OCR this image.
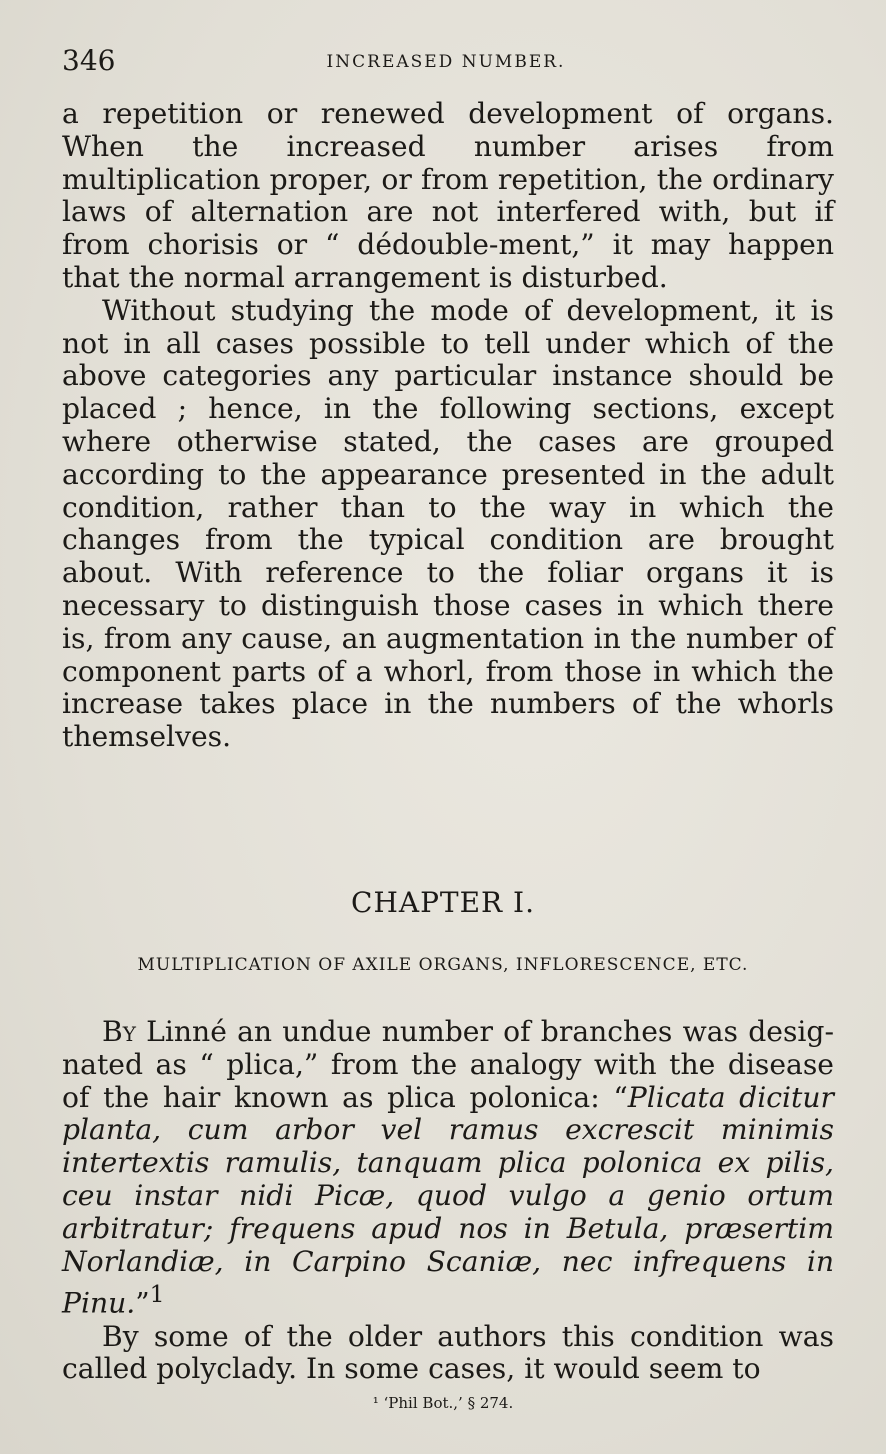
346	INCREASED NUMBER.

a repetition or renewed development of organs. When the increased number arises from multiplication proper, or from repetition, the ordinary laws of alternation are not interfered with, but if from chorisis or “ dédouble-ment,” it may happen that the normal arrangement is disturbed.

Without studying the mode of development, it is not in all cases possible to tell under which of the above categories any particular instance should be placed ; hence, in the following sections, except where otherwise stated, the cases are grouped according to the appearance presented in the adult condition, rather than to the way in which the changes from the typical condition are brought about. With reference to the foliar organs it is necessary to distinguish those cases in which there is, from any cause, an augmentation in the number of component parts of a whorl, from those in which the increase takes place in the numbers of the whorls themselves.

CHAPTER I.
MULTIPLICATION OF AXILE ORGANS, INFLORESCENCE, ETC.

By Linné an undue number of branches was desig-nated as “ plica,” from the analogy with the disease of the hair known as plica polonica: “Plicata dicitur planta, cum arbor vel ramus excrescit minimis intertextis ramulis, tanquam plica polonica ex pilis, ceu instar nidi Picæ, quod vulgo a genio ortum arbitratur; frequens apud nos in Betula, præsertim Norlandiæ, in Carpino Scaniæ, nec infrequens in Pinu.”$^1$

By some of the older authors this condition was called polyclady. In some cases, it would seem to

¹ ‘Phil Bot.,’ § 274.
